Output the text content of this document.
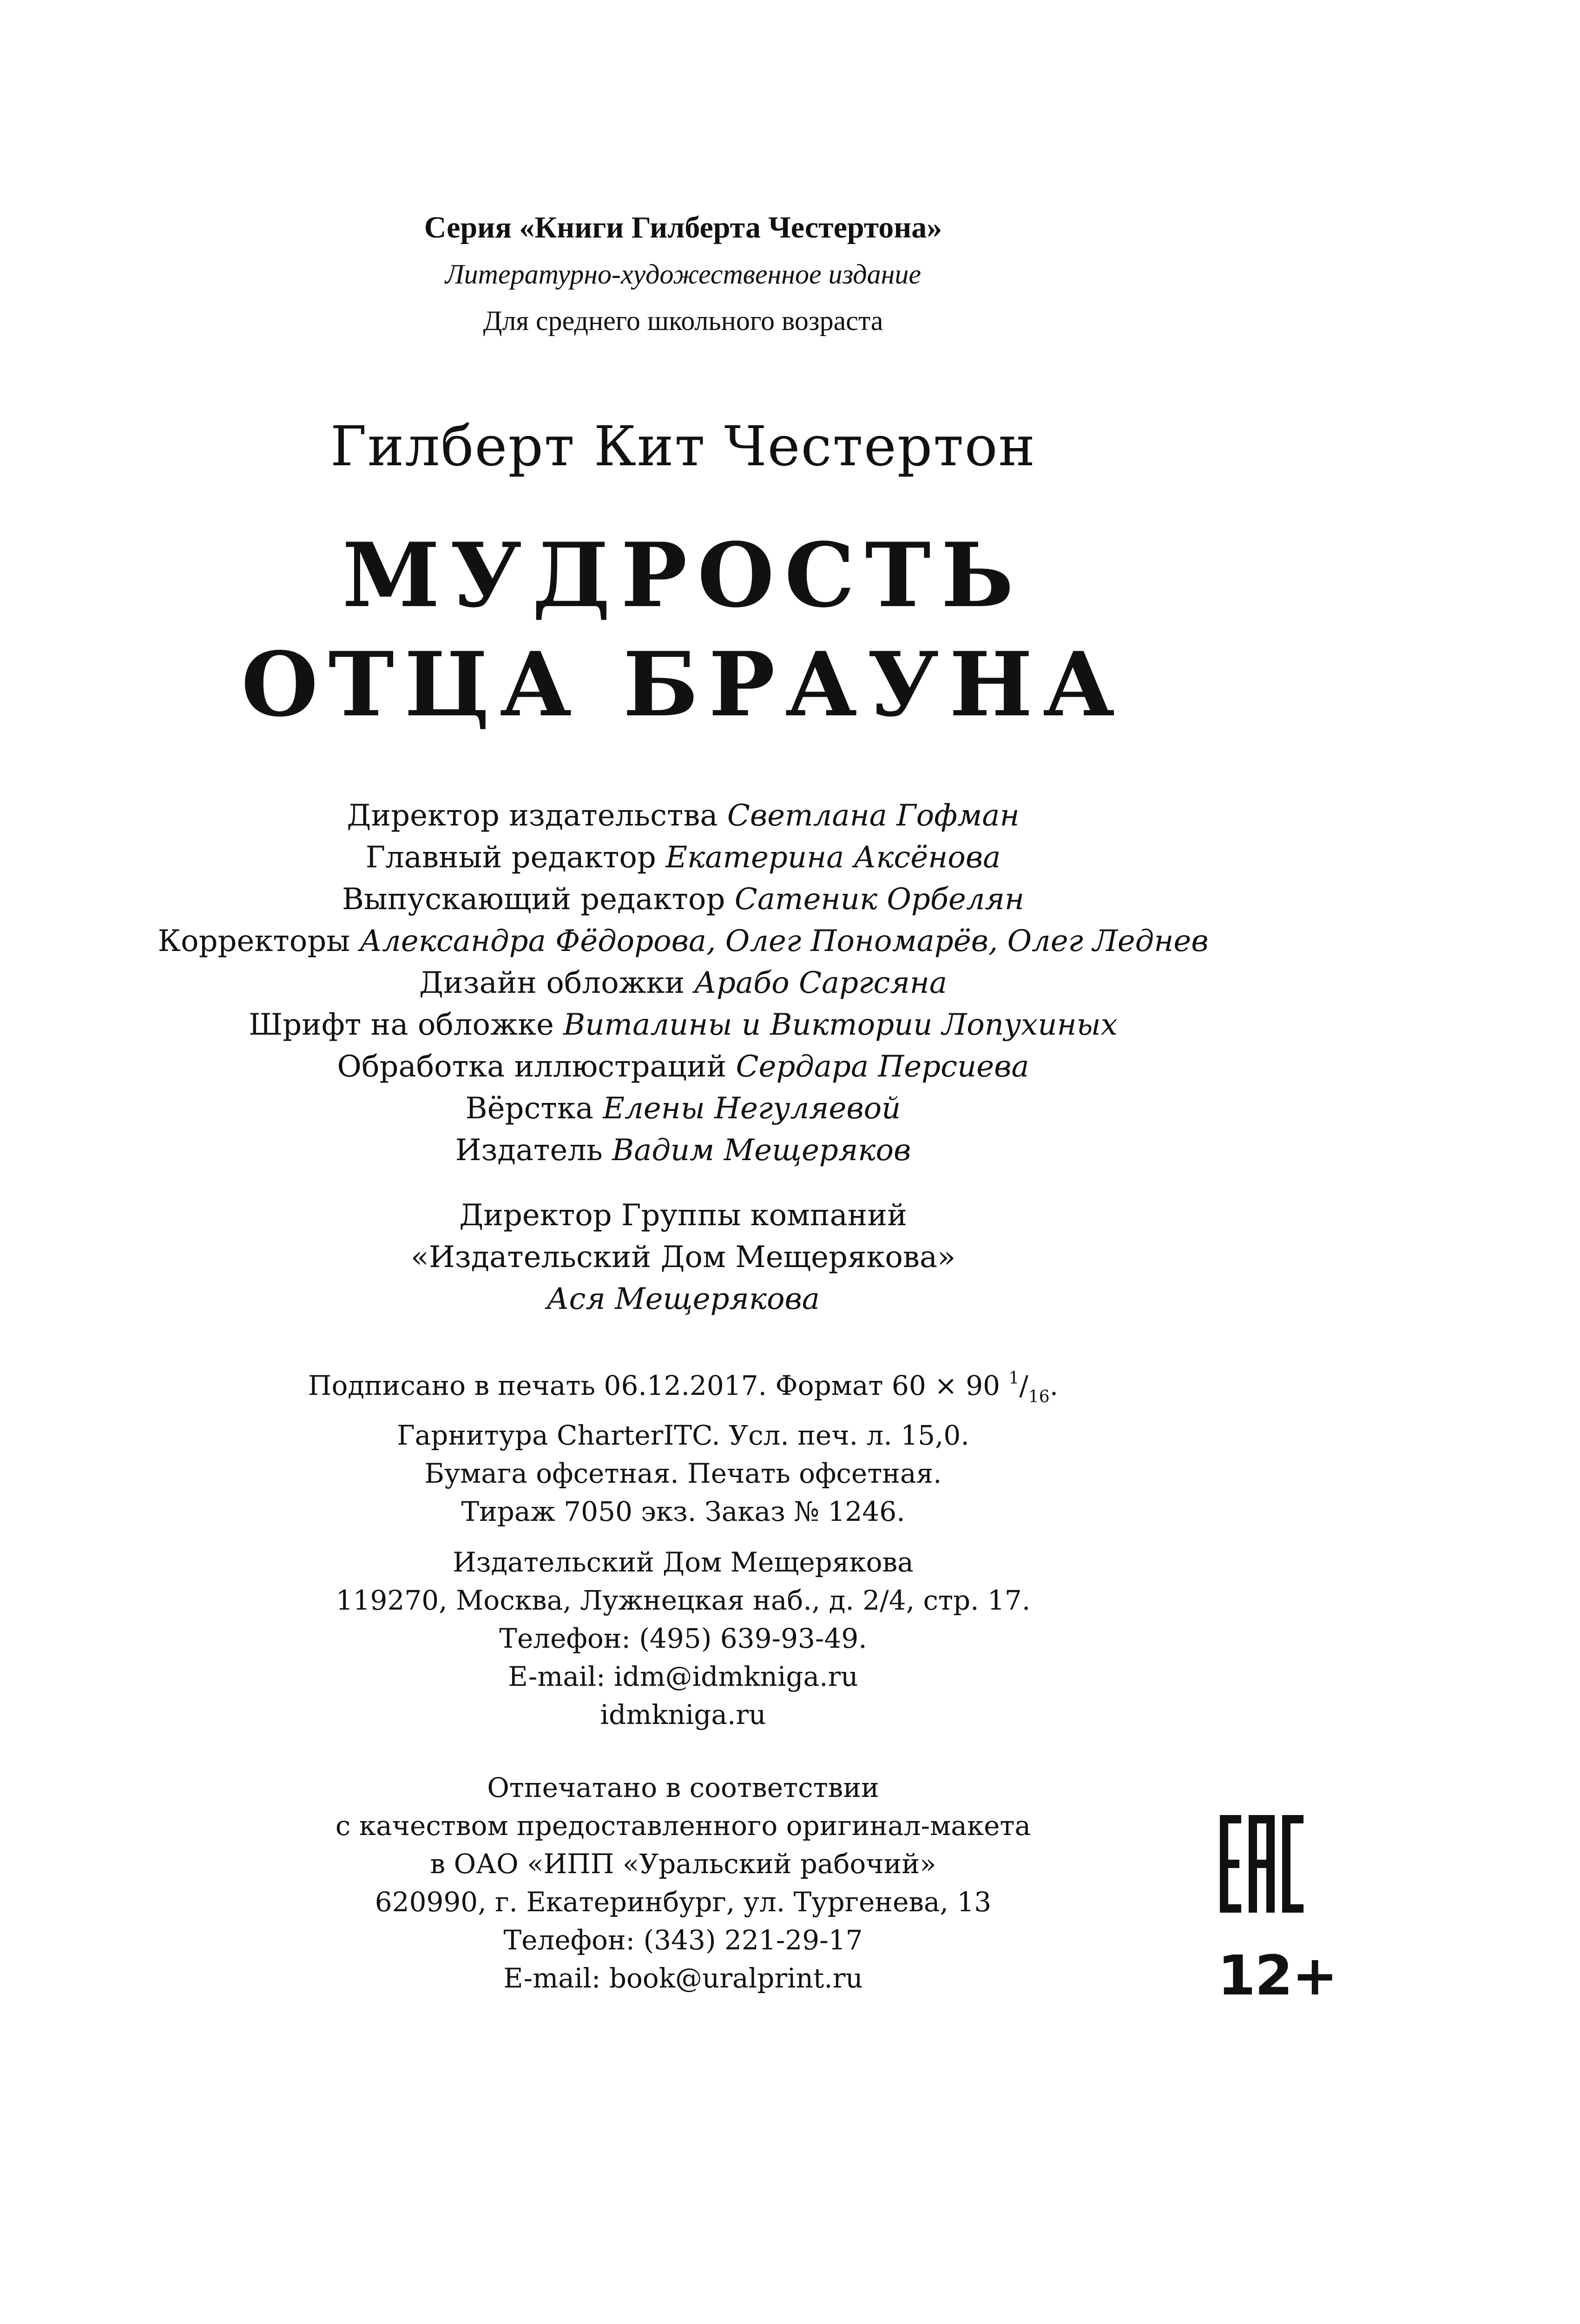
Серия «Книги Гилберта Честертона»
Литературно-художественное издание
Для среднего школьного возраста
Гилберт Кит Честертон
МУДРОСТЬ
ОТЦА БРАУНА
Директор издательства Светлана Гофман
Главный редактор Екатерина Аксёнова
Выпускающий редактор Сатеник Орбелян
Корректоры Александра Фёдорова, Олег Пономарёв, Олег Леднев
Дизайн обложки Арабо Саргсяна
Шрифт на обложке Виталины и Виктории Лопухиных
Обработка иллюстраций Сердара Персиева
Вёрстка Елены Негуляевой
Издатель Вадим Мещеряков
Директор Группы компаний
«Издательский Дом Мещерякова»
Ася Мещерякова
Подписано в печать 06.12.2017. Формат 60 × 90 $^1/_{16}$.
Гарнитура CharterITC. Усл. печ. л. 15,0.
Бумага офсетная. Печать офсетная.
Тираж 7050 экз. Заказ № 1246.
Издательский Дом Мещерякова
119270, Москва, Лужнецкая наб., д. 2/4, стр. 17.
Телефон: (495) 639-93-49.
E-mail: idm@idmkniga.ru
idmkniga.ru
Отпечатано в соответствии
с качеством предоставленного оригинал-макета
в ОАО «ИПП «Уральский рабочий»
620990, г. Екатеринбург, ул. Тургенева, 13
Телефон: (343) 221-29-17
E-mail: book@uralprint.ru	12+
